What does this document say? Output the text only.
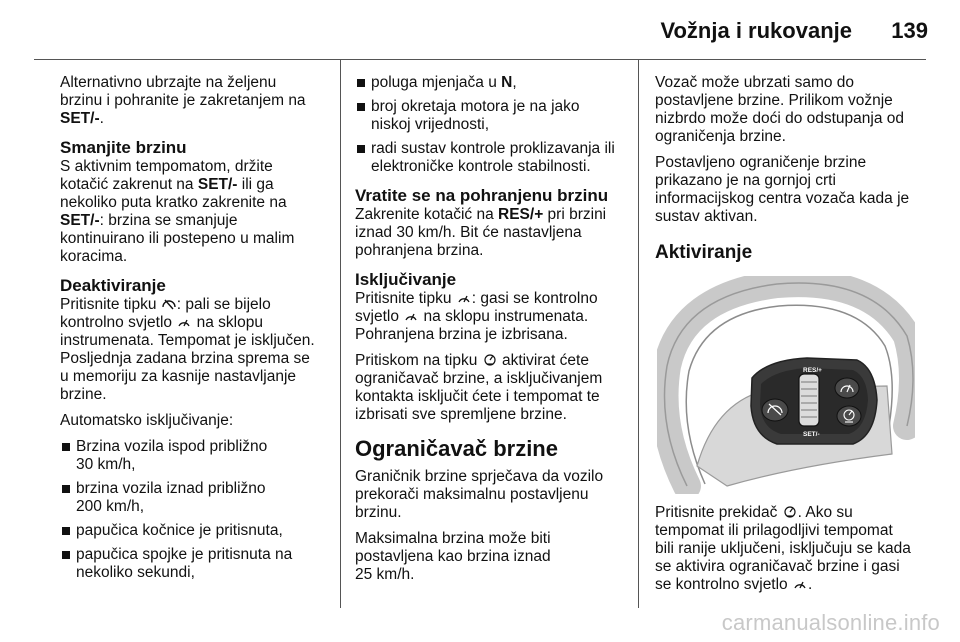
Vožnja i rukovanje	139

Alternativno ubrzajte na željenu
brzinu i pohranite je zakretanjem na
SET/-.

Smanjite brzinu

S aktivnim tempomatom, držite
kotačić zakrenut na SET/- ili ga
nekoliko puta kratko zakrenite na
SET/-: brzina se smanjuje
kontinuirano ili postepeno u malim
koracima.

Deaktiviranje

Pritisnite tipku
: pali se bijelo
kontrolno svjetlo
na sklopu
instrumenata. Tempomat je isključen.
Posljednja zadana brzina sprema se
u memoriju za kasnije nastavljanje
brzine.

Automatsko isključivanje:

Brzina vozila ispod približno
30 km/h,
brzina vozila iznad približno
200 km/h,
papučica kočnice je pritisnuta,
papučica spojke je pritisnuta na
nekoliko sekundi,
poluga mjenjača u N,
broj okretaja motora je na jako
niskoj vrijednosti,
radi sustav kontrole proklizavanja ili
elektroničke kontrole stabilnosti.
Vratite se na pohranjenu brzinu

Zakrenite kotačić na RES/+ pri brzini
iznad 30 km/h. Bit će nastavljena
pohranjena brzina.

Isključivanje

Pritisnite tipku
: gasi se kontrolno
svjetlo
na sklopu instrumenata.
Pohranjena brzina je izbrisana.

Pritiskom na tipku
aktivirat ćete
ograničavač brzine, a isključivanjem
kontakta isključit ćete i tempomat te
izbrisati sve spremljene brzine.

Ograničavač brzine

Graničnik brzine sprječava da vozilo
prekorači maksimalnu postavljenu
brzinu.

Maksimalna brzina može biti
postavljena kao brzina iznad
25 km/h.

Vozač može ubrzati samo do
postavljene brzine. Prilikom vožnje
nizbrdo može doći do odstupanja od
ograničenja brzine.

Postavljeno ograničenje brzine
prikazano je na gornjoj crti
informacijskog centra vozača kada je
sustav aktivan.

Aktiviranje
RES/+
SET/-

Pritisnite prekidač
. Ako su
tempomat ili prilagodljivi tempomat
bili ranije uključeni, isključuju se kada
se aktivira ograničavač brzine i gasi
se kontrolno svjetlo
.

carmanualsonline.info
